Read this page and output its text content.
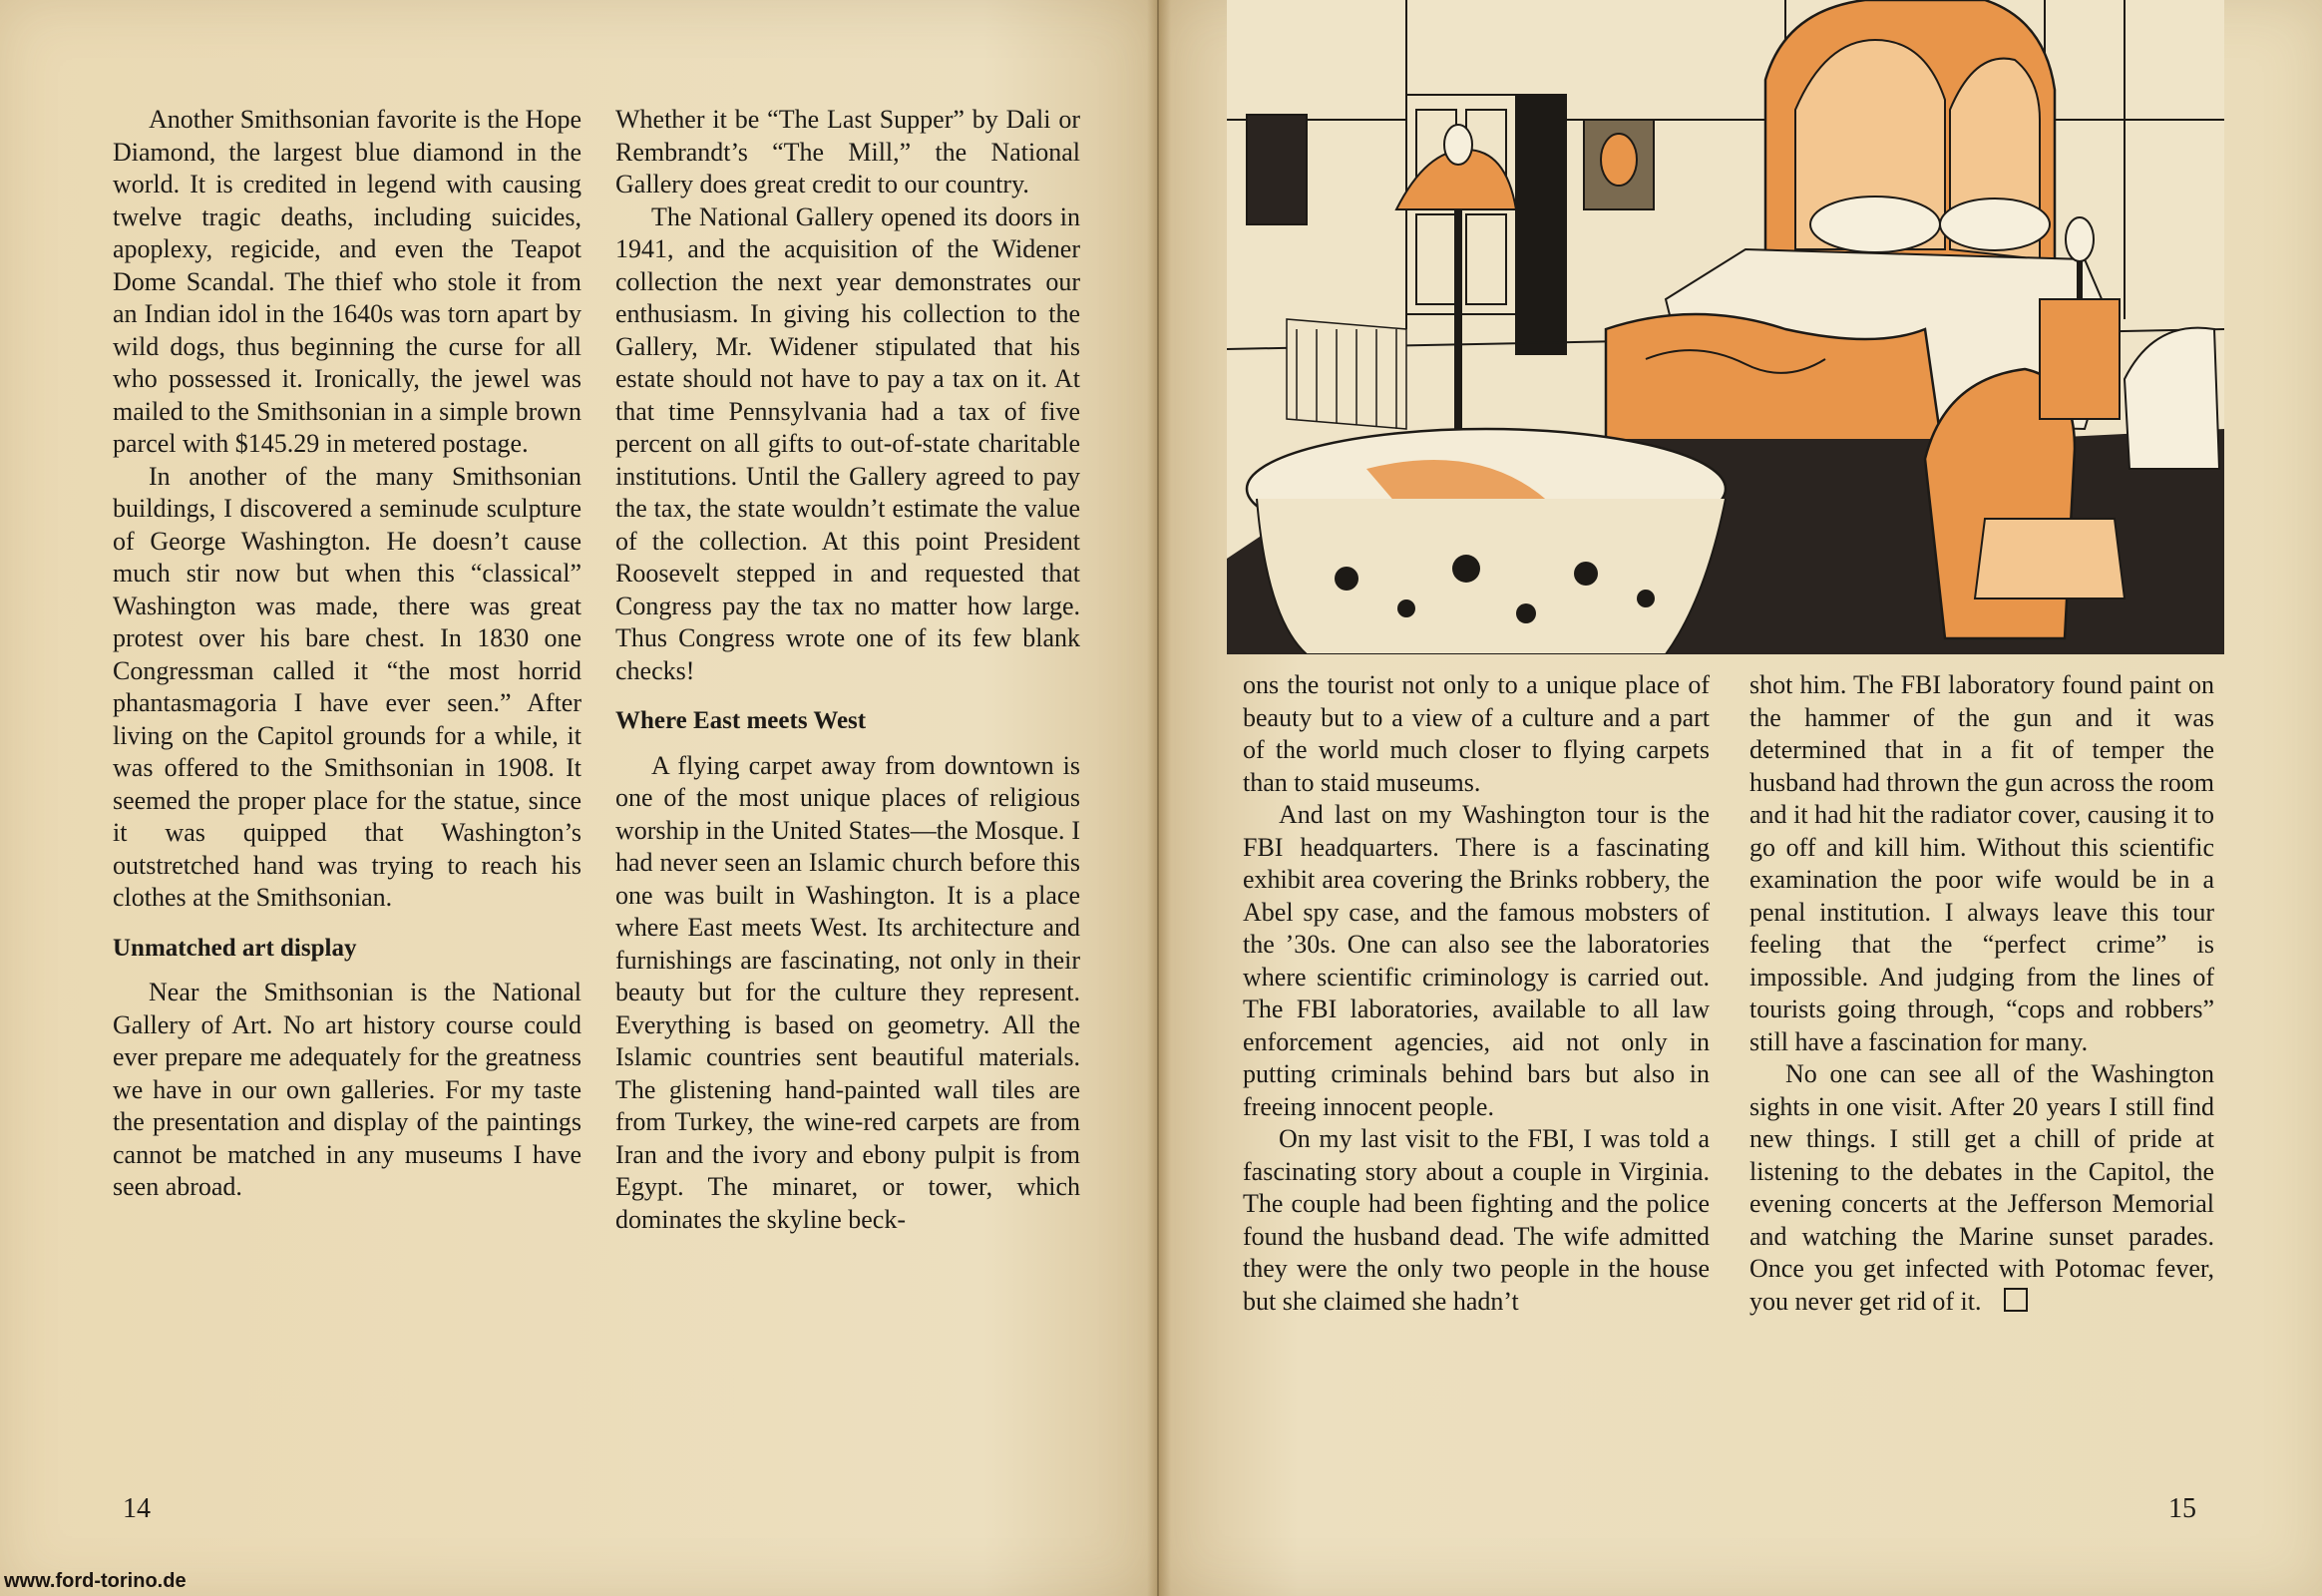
Another Smithsonian favorite is the Hope Diamond, the largest blue diamond in the world. It is credited in legend with causing twelve tragic deaths, including suicides, apoplexy, regicide, and even the Teapot Dome Scandal. The thief who stole it from an Indian idol in the 1640s was torn apart by wild dogs, thus beginning the curse for all who possessed it. Ironically, the jewel was mailed to the Smithsonian in a simple brown parcel with $145.29 in metered postage.

In another of the many Smithsonian buildings, I discovered a seminude sculpture of George Washington. He doesn’t cause much stir now but when this “classical” Washington was made, there was great protest over his bare chest. In 1830 one Congressman called it “the most horrid phantasmagoria I have ever seen.” After living on the Capitol grounds for a while, it was offered to the Smithsonian in 1908. It seemed the proper place for the statue, since it was quipped that Washington’s outstretched hand was trying to reach his clothes at the Smithsonian.

Unmatched art display

Near the Smithsonian is the National Gallery of Art. No art history course could ever prepare me adequately for the greatness we have in our own galleries. For my taste the presentation and display of the paintings cannot be matched in any museums I have seen abroad.

Whether it be “The Last Supper” by Dali or Rembrandt’s “The Mill,” the National Gallery does great credit to our country.

The National Gallery opened its doors in 1941, and the acquisition of the Widener collection the next year demonstrates our enthusiasm. In giving his collection to the Gallery, Mr. Widener stipulated that his estate should not have to pay a tax on it. At that time Pennsylvania had a tax of five percent on all gifts to out-of-state charitable institutions. Until the Gallery agreed to pay the tax, the state wouldn’t estimate the value of the collection. At this point President Roosevelt stepped in and requested that Congress pay the tax no matter how large. Thus Congress wrote one of its few blank checks!

Where East meets West

A flying carpet away from downtown is one of the most unique places of religious worship in the United States—the Mosque. I had never seen an Islamic church before this one was built in Washington. It is a place where East meets West. Its architecture and furnishings are fascinating, not only in their beauty but for the culture they represent. Everything is based on geometry. All the Islamic countries sent beautiful materials. The glistening hand-painted wall tiles are from Turkey, the wine-red carpets are from Iran and the ivory and ebony pulpit is from Egypt. The minaret, or tower, which dominates the skyline beck-

14

ons the tourist not only to a unique place of beauty but to a view of a culture and a part of the world much closer to flying carpets than to staid museums.

And last on my Washington tour is the FBI headquarters. There is a fascinating exhibit area covering the Brinks robbery, the Abel spy case, and the famous mobsters of the ’30s. One can also see the laboratories where scientific criminology is carried out. The FBI laboratories, available to all law enforcement agencies, aid not only in putting criminals behind bars but also in freeing innocent people.

On my last visit to the FBI, I was told a fascinating story about a couple in Virginia. The couple had been fighting and the police found the husband dead. The wife admitted they were the only two people in the house but she claimed she hadn’t

shot him. The FBI laboratory found paint on the hammer of the gun and it was determined that in a fit of temper the husband had thrown the gun across the room and it had hit the radiator cover, causing it to go off and kill him. Without this scientific examination the poor wife would be in a penal institution. I always leave this tour feeling that the “perfect crime” is impossible. And judging from the lines of tourists going through, “cops and robbers” still have a fascination for many.

No one can see all of the Washington sights in one visit. After 20 years I still find new things. I still get a chill of pride at listening to the debates in the Capitol, the evening concerts at the Jefferson Memorial and watching the Marine sunset parades. Once you get infected with Potomac fever, you never get rid of it.

15
www.ford-torino.de
